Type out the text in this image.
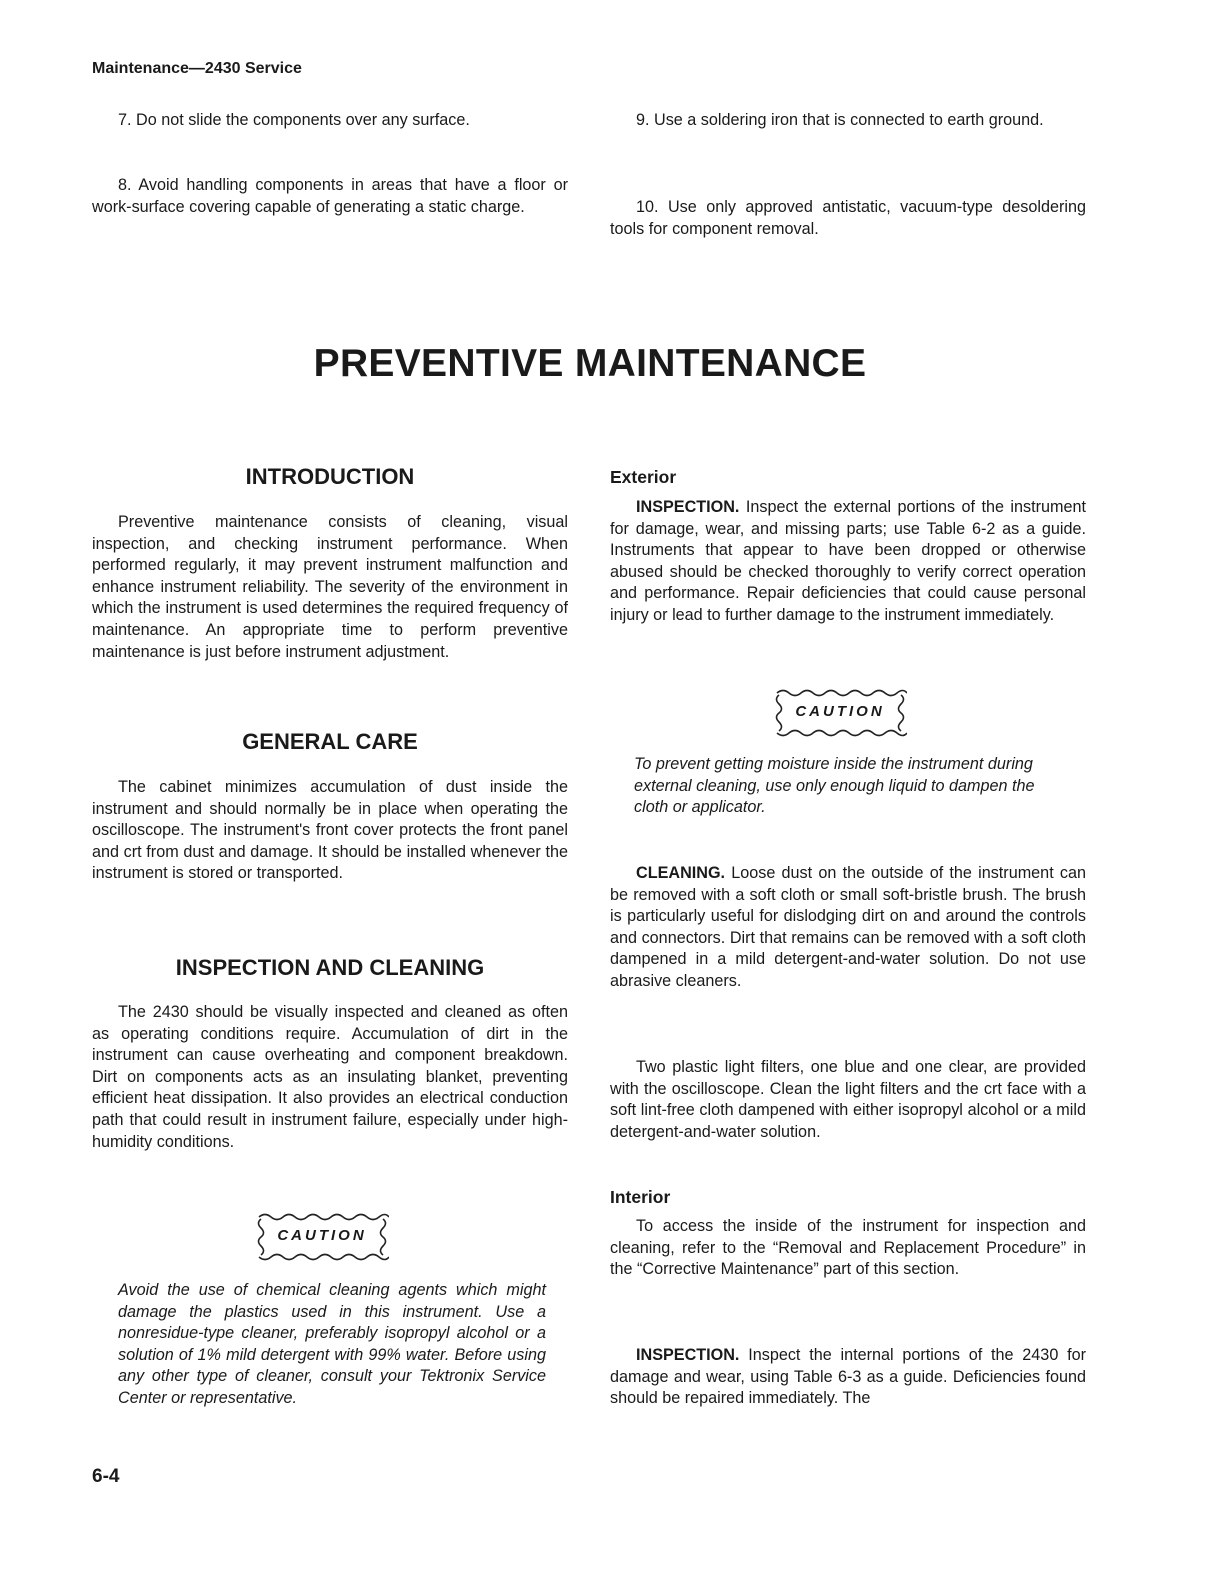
Maintenance—2430 Service

7. Do not slide the components over any surface.

8. Avoid handling components in areas that have a floor or work-surface covering capable of generating a static charge.

9. Use a soldering iron that is connected to earth ground.

10. Use only approved antistatic, vacuum-type desoldering tools for component removal.

PREVENTIVE MAINTENANCE
INTRODUCTION

Preventive maintenance consists of cleaning, visual inspection, and checking instrument performance. When performed regularly, it may prevent instrument malfunction and enhance instrument reliability. The severity of the environment in which the instrument is used determines the required frequency of maintenance. An appropriate time to perform preventive maintenance is just before instrument adjustment.

GENERAL CARE

The cabinet minimizes accumulation of dust inside the instrument and should normally be in place when operating the oscilloscope. The instrument's front cover protects the front panel and crt from dust and damage. It should be installed whenever the instrument is stored or transported.

INSPECTION AND CLEANING

The 2430 should be visually inspected and cleaned as often as operating conditions require. Accumulation of dirt in the instrument can cause overheating and component breakdown. Dirt on components acts as an insulating blanket, preventing efficient heat dissipation. It also provides an electrical conduction path that could result in instrument failure, especially under high-humidity conditions.

CAUTION

Avoid the use of chemical cleaning agents which might damage the plastics used in this instrument. Use a nonresidue-type cleaner, preferably isopropyl alcohol or a solution of 1% mild detergent with 99% water. Before using any other type of cleaner, consult your Tektronix Service Center or representative.

Exterior

INSPECTION. Inspect the external portions of the instrument for damage, wear, and missing parts; use Table 6-2 as a guide. Instruments that appear to have been dropped or otherwise abused should be checked thoroughly to verify correct operation and performance. Repair deficiencies that could cause personal injury or lead to further damage to the instrument immediately.

CAUTION

To prevent getting moisture inside the instrument during external cleaning, use only enough liquid to dampen the cloth or applicator.

CLEANING. Loose dust on the outside of the instrument can be removed with a soft cloth or small soft-bristle brush. The brush is particularly useful for dislodging dirt on and around the controls and connectors. Dirt that remains can be removed with a soft cloth dampened in a mild detergent-and-water solution. Do not use abrasive cleaners.

Two plastic light filters, one blue and one clear, are provided with the oscilloscope. Clean the light filters and the crt face with a soft lint-free cloth dampened with either isopropyl alcohol or a mild detergent-and-water solution.

Interior

To access the inside of the instrument for inspection and cleaning, refer to the “Removal and Replacement Procedure” in the “Corrective Maintenance” part of this section.

INSPECTION. Inspect the internal portions of the 2430 for damage and wear, using Table 6-3 as a guide. Deficiencies found should be repaired immediately. The

6-4
